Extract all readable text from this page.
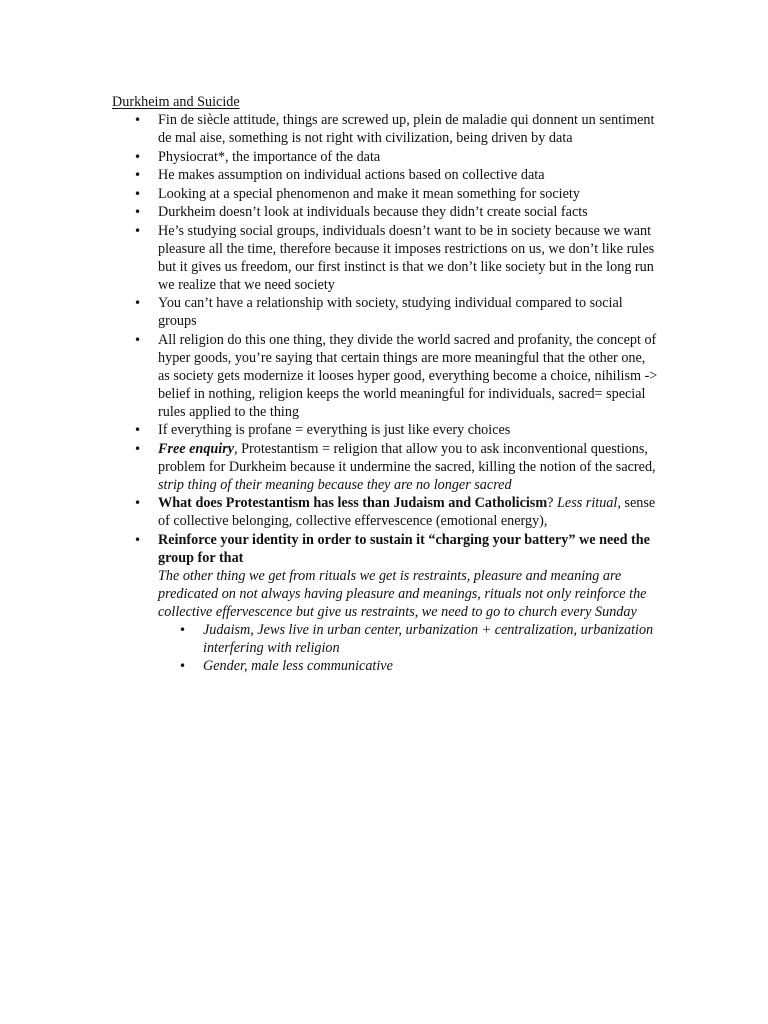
Durkheim and Suicide
• Fin de siècle attitude, things are screwed up, plein de maladie qui donnent un sentiment de mal aise, something is not right with civilization, being driven by data
• Physiocrat*, the importance of the data
• He makes assumption on individual actions based on collective data
• Looking at a special phenomenon and make it mean something for society
• Durkheim doesn’t look at individuals because they didn’t create social facts
• He’s studying social groups, individuals doesn’t want to be in society because we want pleasure all the time, therefore because it imposes restrictions on us, we don’t like rules but it gives us freedom, our first instinct is that we don’t like society but in the long run we realize that we need society
• You can’t have a relationship with society, studying individual compared to social groups
• All religion do this one thing, they divide the world sacred and profanity, the concept of hyper goods, you’re saying that certain things are more meaningful that the other one, as society gets modernize it looses hyper good, everything become a choice, nihilism -> belief in nothing, religion keeps the world meaningful for individuals, sacred= special rules applied to the thing
• If everything is profane = everything is just like every choices
• Free enquiry, Protestantism = religion that allow you to ask inconventional questions, problem for Durkheim because it undermine the sacred, killing the notion of the sacred, strip thing of their meaning because they are no longer sacred
• What does Protestantism has less than Judaism and Catholicism? Less ritual, sense of collective belonging, collective effervescence (emotional energy),
• Reinforce your identity in order to sustain it “charging your battery” we need the group for that
The other thing we get from rituals we get is restraints, pleasure and meaning are predicated on not always having pleasure and meanings, rituals not only reinforce the collective effervescence but give us restraints, we need to go to church every Sunday
• Judaism, Jews live in urban center, urbanization + centralization, urbanization interfering with religion
• Gender, male less communicative
